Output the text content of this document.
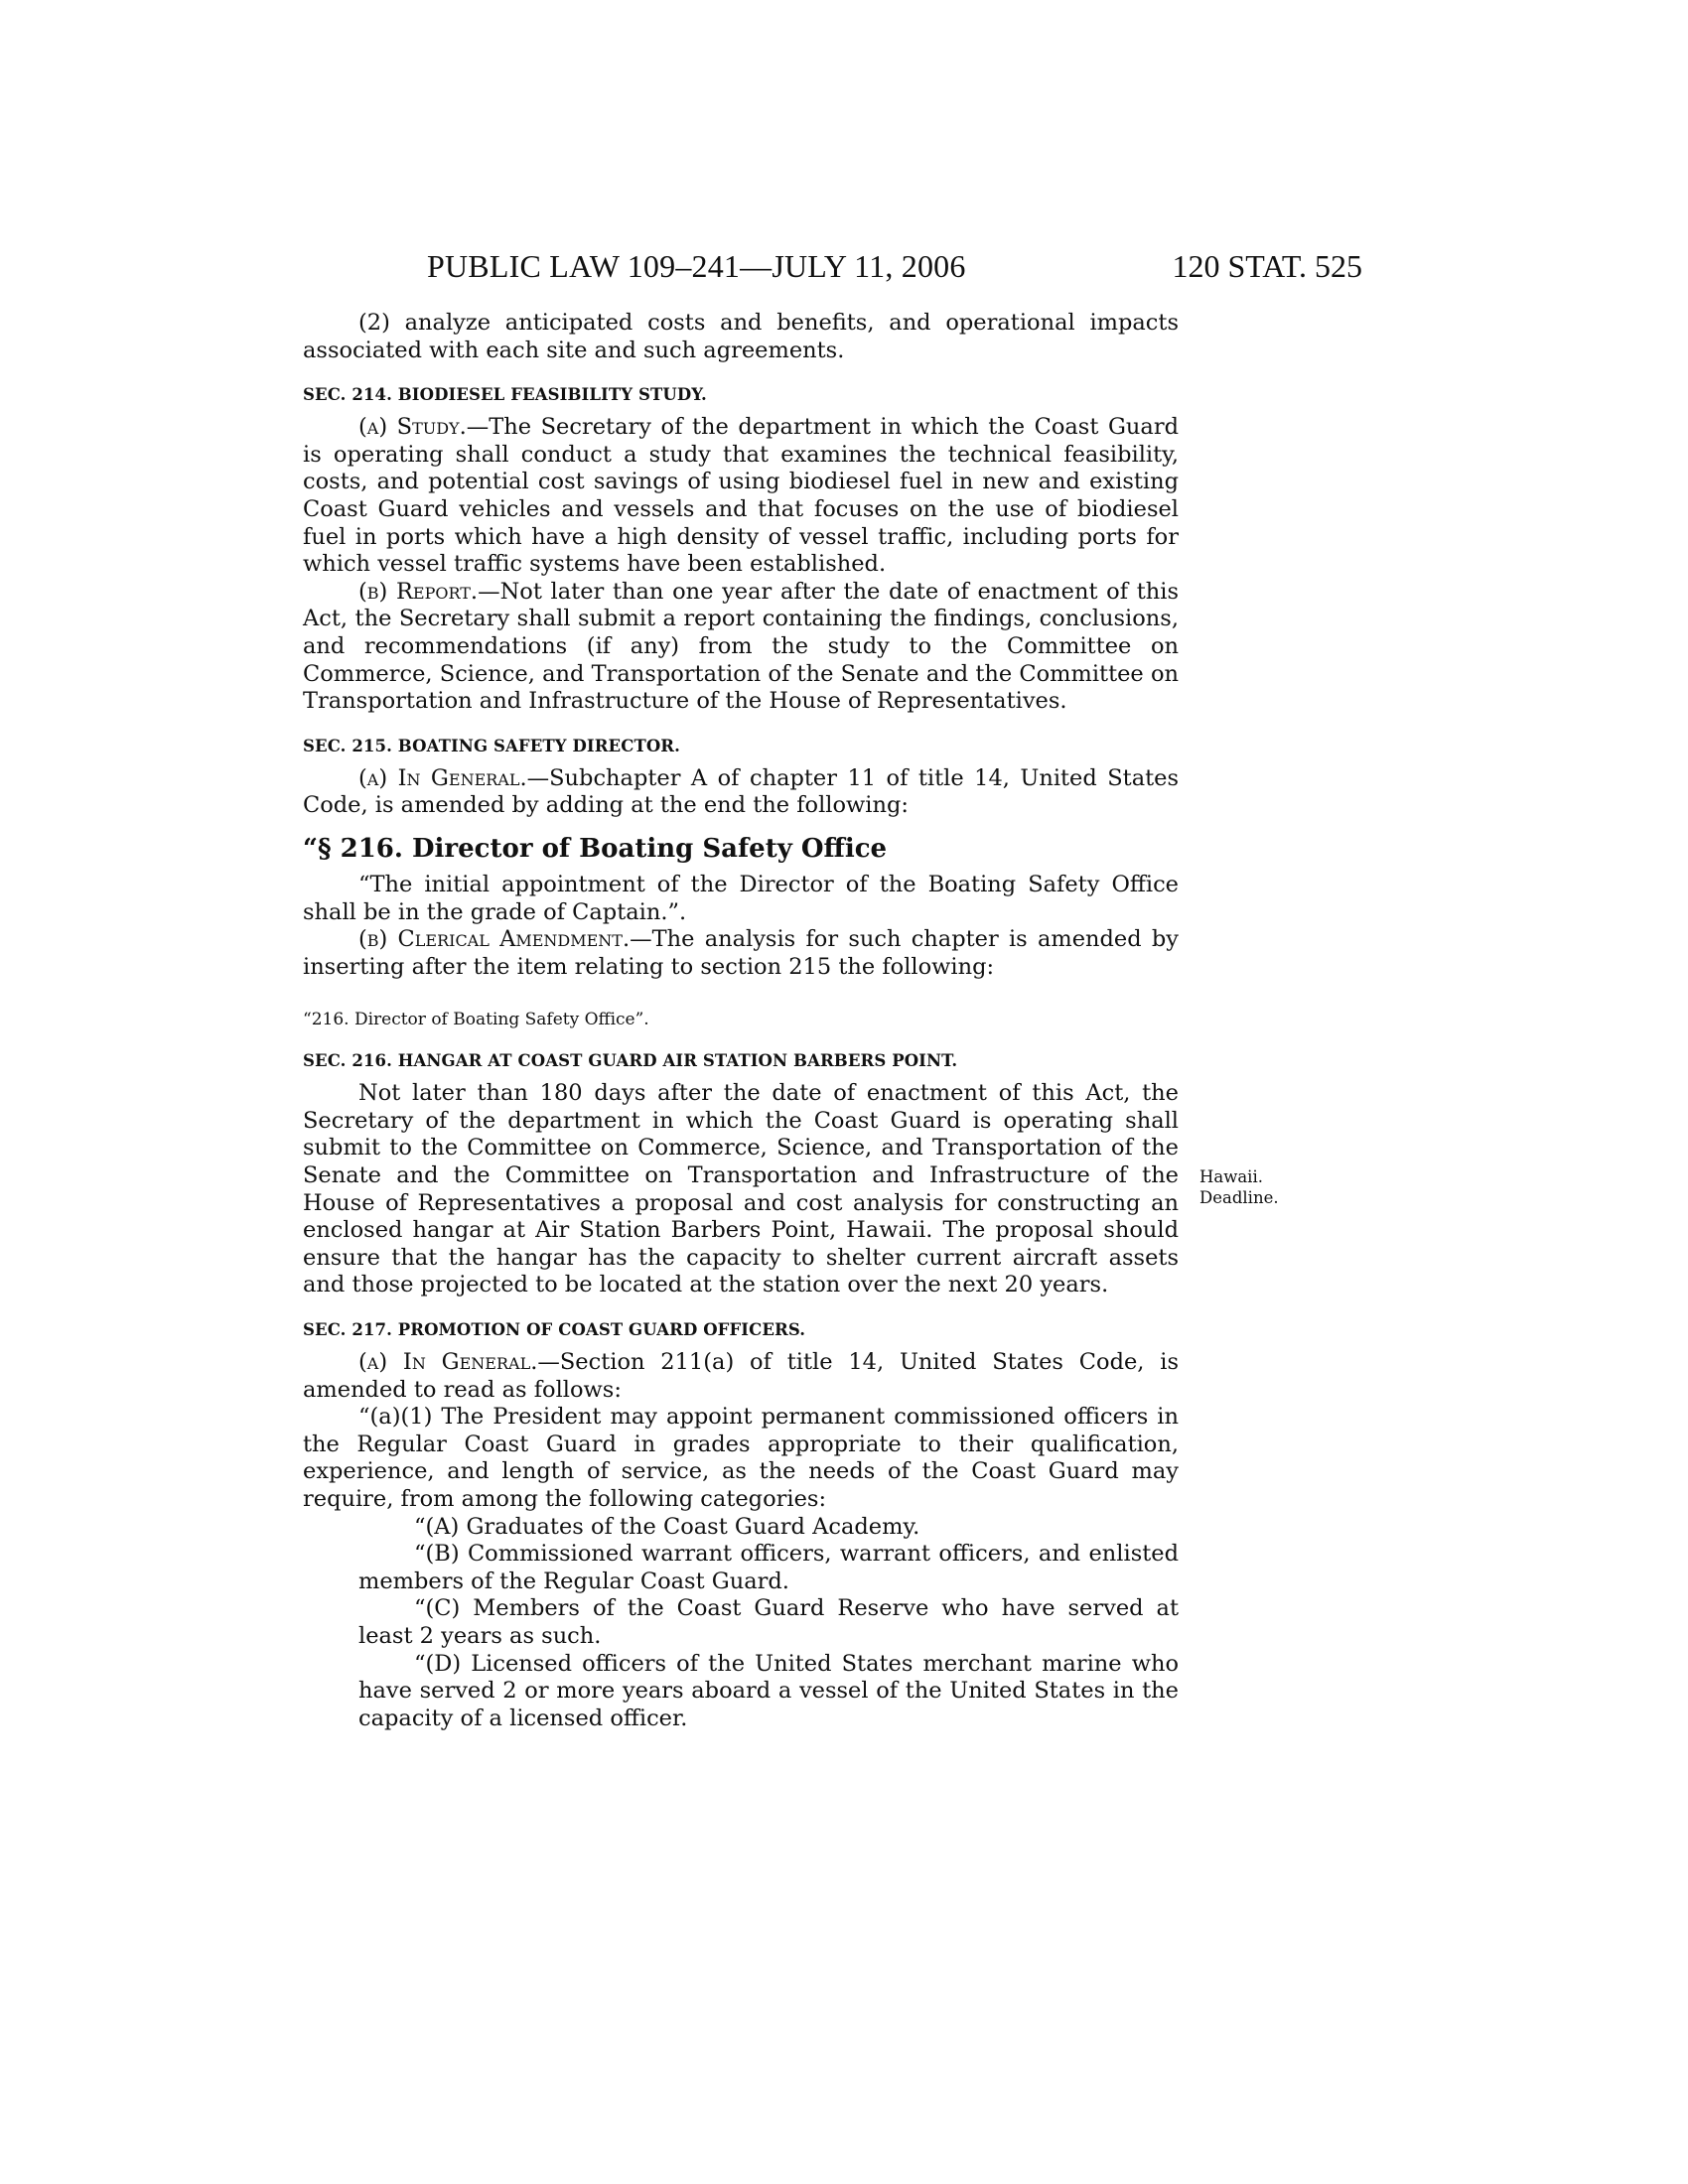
PUBLIC LAW 109–241—JULY 11, 2006	120 STAT. 525

(2) analyze anticipated costs and benefits, and operational impacts associated with each site and such agreements.

SEC. 214. BIODIESEL FEASIBILITY STUDY.

(a) Study.—The Secretary of the department in which the Coast Guard is operating shall conduct a study that examines the technical feasibility, costs, and potential cost savings of using biodiesel fuel in new and existing Coast Guard vehicles and vessels and that focuses on the use of biodiesel fuel in ports which have a high density of vessel traffic, including ports for which vessel traffic systems have been established.

(b) Report.—Not later than one year after the date of enactment of this Act, the Secretary shall submit a report containing the findings, conclusions, and recommendations (if any) from the study to the Committee on Commerce, Science, and Transportation of the Senate and the Committee on Transportation and Infrastructure of the House of Representatives.

SEC. 215. BOATING SAFETY DIRECTOR.

(a) In General.—Subchapter A of chapter 11 of title 14, United States Code, is amended by adding at the end the following:

“§ 216. Director of Boating Safety Office

“The initial appointment of the Director of the Boating Safety Office shall be in the grade of Captain.”.

(b) Clerical Amendment.—The analysis for such chapter is amended by inserting after the item relating to section 215 the following:

“216. Director of Boating Safety Office”.
SEC. 216. HANGAR AT COAST GUARD AIR STATION BARBERS POINT.

Not later than 180 days after the date of enactment of this Act, the Secretary of the department in which the Coast Guard is operating shall submit to the Committee on Commerce, Science, and Transportation of the Senate and the Committee on Transportation and Infrastructure of the House of Representatives a proposal and cost analysis for constructing an enclosed hangar at Air Station Barbers Point, Hawaii. The proposal should ensure that the hangar has the capacity to shelter current aircraft assets and those projected to be located at the station over the next 20 years.

SEC. 217. PROMOTION OF COAST GUARD OFFICERS.

(a) In General.—Section 211(a) of title 14, United States Code, is amended to read as follows:

“(a)(1) The President may appoint permanent commissioned officers in the Regular Coast Guard in grades appropriate to their qualification, experience, and length of service, as the needs of the Coast Guard may require, from among the following categories:

“(A) Graduates of the Coast Guard Academy.

“(B) Commissioned warrant officers, warrant officers, and enlisted members of the Regular Coast Guard.

“(C) Members of the Coast Guard Reserve who have served at least 2 years as such.

“(D) Licensed officers of the United States merchant marine who have served 2 or more years aboard a vessel of the United States in the capacity of a licensed officer.

Hawaii.
Deadline.
